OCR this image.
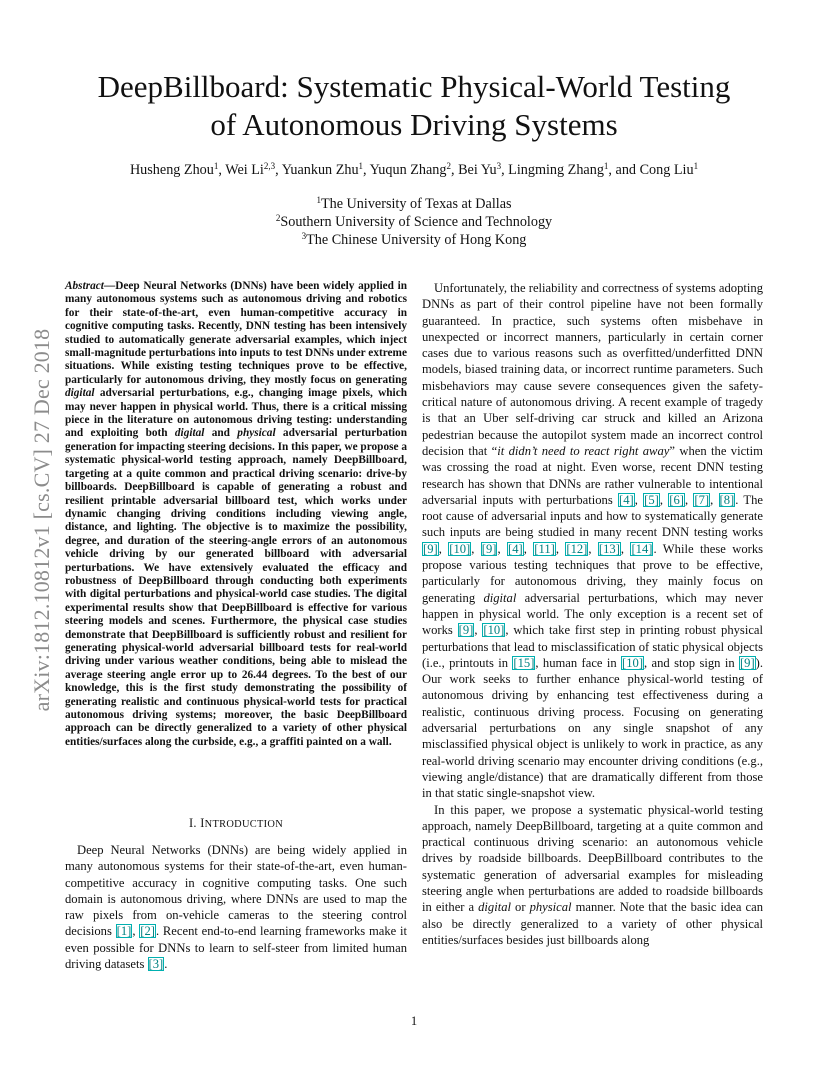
arXiv:1812.10812v1 [cs.CV] 27 Dec 2018
DeepBillboard: Systematic Physical-World Testing
of Autonomous Driving Systems
Husheng Zhou$^1$, Wei Li$^{2,3}$, Yuankun Zhu$^1$, Yuqun Zhang$^2$, Bei Yu$^3$, Lingming Zhang$^1$, and Cong Liu$^1$
$^1$The University of Texas at Dallas
$^2$Southern University of Science and Technology
$^3$The Chinese University of Hong Kong
Abstract—Deep Neural Networks (DNNs) have been widely applied in many autonomous systems such as autonomous driving and robotics for their state-of-the-art, even human-competitive accuracy in cognitive computing tasks. Recently, DNN testing has been intensively studied to automatically generate adversarial examples, which inject small-magnitude perturbations into inputs to test DNNs under extreme situations. While existing testing techniques prove to be effective, particularly for autonomous driving, they mostly focus on generating digital adversarial perturbations, e.g., changing image pixels, which may never happen in physical world. Thus, there is a critical missing piece in the literature on autonomous driving testing: understanding and exploiting both digital and physical adversarial perturbation generation for impacting steering decisions. In this paper, we propose a systematic physical-world testing approach, namely DeepBillboard, targeting at a quite common and practical driving scenario: drive-by billboards. DeepBillboard is capable of generating a robust and resilient printable adversarial billboard test, which works under dynamic changing driving conditions including viewing angle, distance, and lighting. The objective is to maximize the possibility, degree, and duration of the steering-angle errors of an autonomous vehicle driving by our generated billboard with adversarial perturbations. We have extensively evaluated the efficacy and robustness of DeepBillboard through conducting both experiments with digital perturbations and physical-world case studies. The digital experimental results show that DeepBillboard is effective for various steering models and scenes. Furthermore, the physical case studies demonstrate that DeepBillboard is sufficiently robust and resilient for generating physical-world adversarial billboard tests for real-world driving under various weather conditions, being able to mislead the average steering angle error up to 26.44 degrees. To the best of our knowledge, this is the first study demonstrating the possibility of generating realistic and continuous physical-world tests for practical autonomous driving systems; moreover, the basic DeepBillboard approach can be directly generalized to a variety of other physical entities/surfaces along the curbside, e.g., a graffiti painted on a wall.
I. INTRODUCTION

Deep Neural Networks (DNNs) are being widely applied in many autonomous systems for their state-of-the-art, even human-competitive accuracy in cognitive computing tasks. One such domain is autonomous driving, where DNNs are used to map the raw pixels from on-vehicle cameras to the steering control decisions [1], [2]. Recent end-to-end learning frameworks make it even possible for DNNs to learn to self-steer from limited human driving datasets [3].

Unfortunately, the reliability and correctness of systems adopting DNNs as part of their control pipeline have not been formally guaranteed. In practice, such systems often misbehave in unexpected or incorrect manners, particularly in certain corner cases due to various reasons such as overfitted/underfitted DNN models, biased training data, or incorrect runtime parameters. Such misbehaviors may cause severe consequences given the safety-critical nature of autonomous driving. A recent example of tragedy is that an Uber self-driving car struck and killed an Arizona pedestrian because the autopilot system made an incorrect control decision that “it didn’t need to react right away” when the victim was crossing the road at night. Even worse, recent DNN testing research has shown that DNNs are rather vulnerable to intentional adversarial inputs with perturbations [4], [5], [6], [7], [8]. The root cause of adversarial inputs and how to systematically generate such inputs are being studied in many recent DNN testing works [9], [10], [9], [4], [11], [12], [13], [14]. While these works propose various testing techniques that prove to be effective, particularly for autonomous driving, they mainly focus on generating digital adversarial perturbations, which may never happen in physical world. The only exception is a recent set of works [9], [10], which take first step in printing robust physical perturbations that lead to misclassification of static physical objects (i.e., printouts in [15], human face in [10], and stop sign in [9]). Our work seeks to further enhance physical-world testing of autonomous driving by enhancing test effectiveness during a realistic, continuous driving process. Focusing on generating adversarial perturbations on any single snapshot of any misclassified physical object is unlikely to work in practice, as any real-world driving scenario may encounter driving conditions (e.g., viewing angle/distance) that are dramatically different from those in that static single-snapshot view.

In this paper, we propose a systematic physical-world testing approach, namely DeepBillboard, targeting at a quite common and practical continuous driving scenario: an autonomous vehicle drives by roadside billboards. DeepBillboard contributes to the systematic generation of adversarial examples for misleading steering angle when perturbations are added to roadside billboards in either a digital or physical manner. Note that the basic idea can also be directly generalized to a variety of other physical entities/surfaces besides just billboards along

1
